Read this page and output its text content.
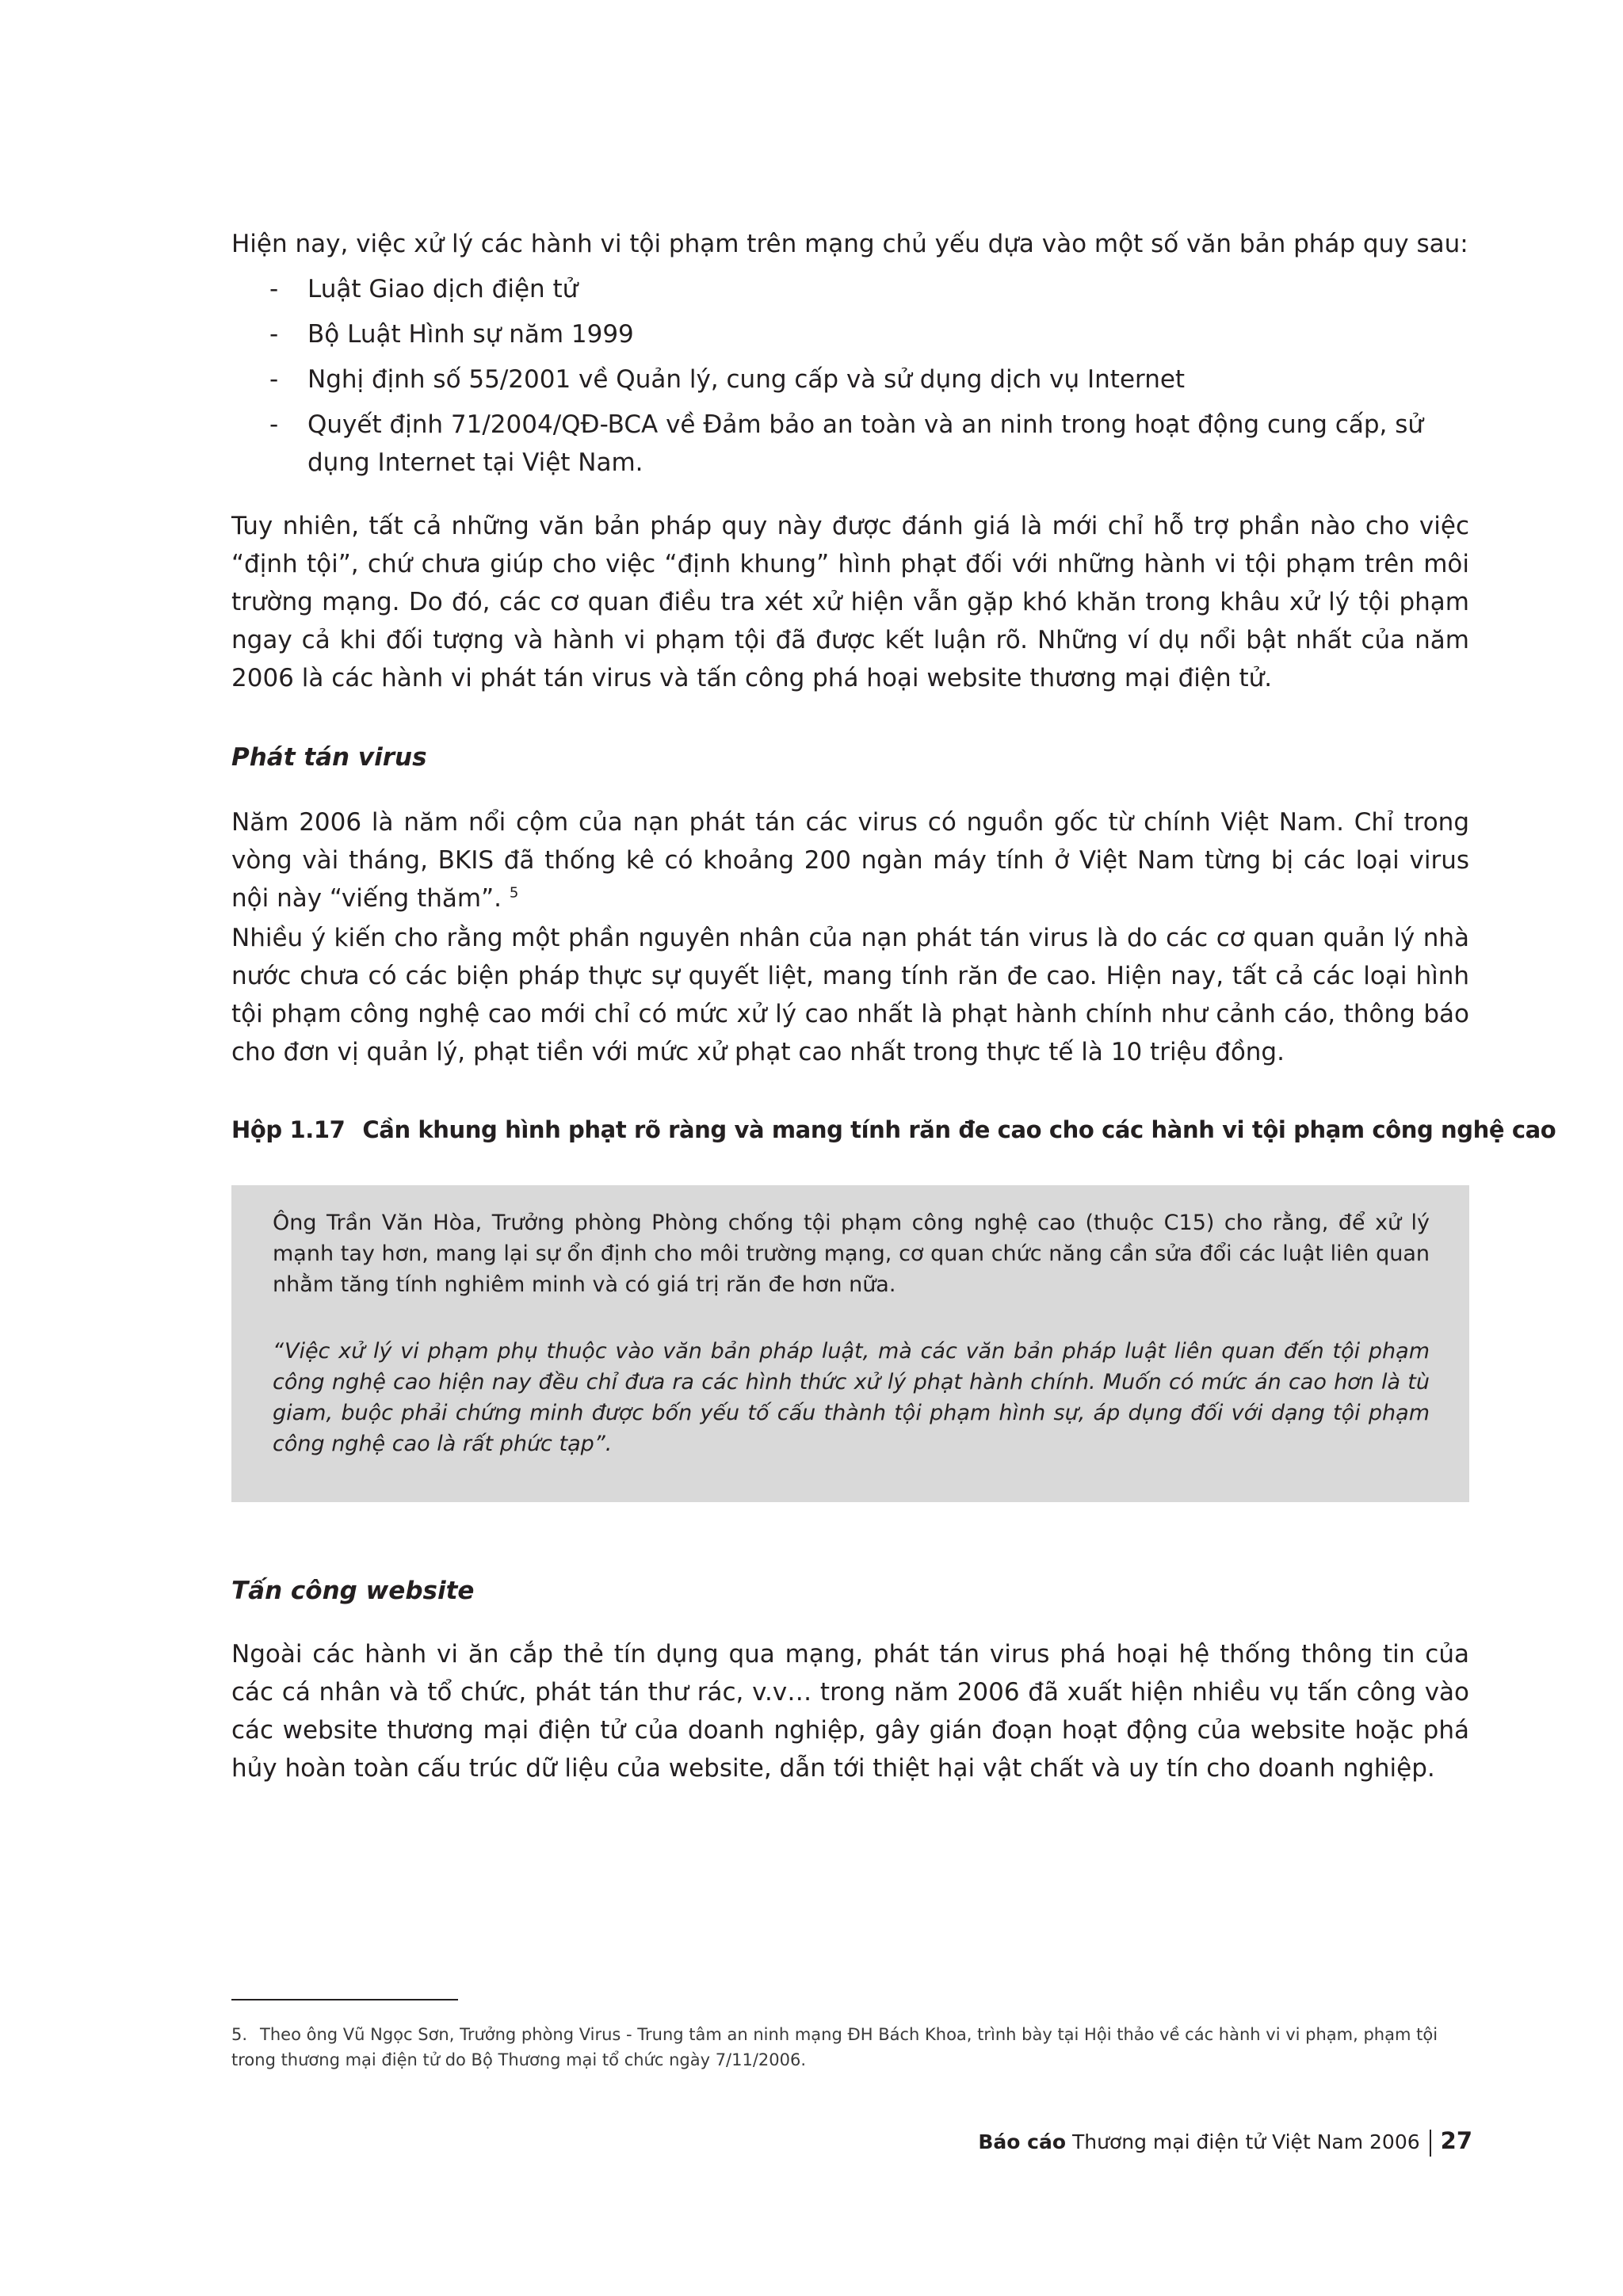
Hiện nay, việc xử lý các hành vi tội phạm trên mạng chủ yếu dựa vào một số văn bản pháp quy sau:

- Luật Giao dịch điện tử
- Bộ Luật Hình sự năm 1999
- Nghị định số 55/2001 về Quản lý, cung cấp và sử dụng dịch vụ Internet
- Quyết định 71/2004/QĐ-BCA về Đảm bảo an toàn và an ninh trong hoạt động cung cấp, sử dụng Internet tại Việt Nam.

Tuy nhiên, tất cả những văn bản pháp quy này được đánh giá là mới chỉ hỗ trợ phần nào cho việc “định tội”, chứ chưa giúp cho việc “định khung” hình phạt đối với những hành vi tội phạm trên môi trường mạng. Do đó, các cơ quan điều tra xét xử hiện vẫn gặp khó khăn trong khâu xử lý tội phạm ngay cả khi đối tượng và hành vi phạm tội đã được kết luận rõ. Những ví dụ nổi bật nhất của năm 2006 là các hành vi phát tán virus và tấn công phá hoại website thương mại điện tử.

Phát tán virus

Năm 2006 là năm nổi cộm của nạn phát tán các virus có nguồn gốc từ chính Việt Nam. Chỉ trong vòng vài tháng, BKIS đã thống kê có khoảng 200 ngàn máy tính ở Việt Nam từng bị các loại virus nội này “viếng thăm”. $^5$

Nhiều ý kiến cho rằng một phần nguyên nhân của nạn phát tán virus là do các cơ quan quản lý nhà nước chưa có các biện pháp thực sự quyết liệt, mang tính răn đe cao. Hiện nay, tất cả các loại hình tội phạm công nghệ cao mới chỉ có mức xử lý cao nhất là phạt hành chính như cảnh cáo, thông báo cho đơn vị quản lý, phạt tiền với mức xử phạt cao nhất trong thực tế là 10 triệu đồng.

Hộp 1.17 Cần khung hình phạt rõ ràng và mang tính răn đe cao cho các hành vi tội phạm công nghệ cao

Ông Trần Văn Hòa, Trưởng phòng Phòng chống tội phạm công nghệ cao (thuộc C15) cho rằng, để xử lý mạnh tay hơn, mang lại sự ổn định cho môi trường mạng, cơ quan chức năng cần sửa đổi các luật liên quan nhằm tăng tính nghiêm minh và có giá trị răn đe hơn nữa.

“Việc xử lý vi phạm phụ thuộc vào văn bản pháp luật, mà các văn bản pháp luật liên quan đến tội phạm công nghệ cao hiện nay đều chỉ đưa ra các hình thức xử lý phạt hành chính. Muốn có mức án cao hơn là tù giam, buộc phải chứng minh được bốn yếu tố cấu thành tội phạm hình sự, áp dụng đối với dạng tội phạm công nghệ cao là rất phức tạp”.

Tấn công website

Ngoài các hành vi ăn cắp thẻ tín dụng qua mạng, phát tán virus phá hoại hệ thống thông tin của các cá nhân và tổ chức, phát tán thư rác, v.v… trong năm 2006 đã xuất hiện nhiều vụ tấn công vào các website thương mại điện tử của doanh nghiệp, gây gián đoạn hoạt động của website hoặc phá hủy hoàn toàn cấu trúc dữ liệu của website, dẫn tới thiệt hại vật chất và uy tín cho doanh nghiệp.

5. Theo ông Vũ Ngọc Sơn, Trưởng phòng Virus - Trung tâm an ninh mạng ĐH Bách Khoa, trình bày tại Hội thảo về các hành vi vi phạm, phạm tội trong thương mại điện tử do Bộ Thương mại tổ chức ngày 7/11/2006.

Báo cáo Thương mại điện tử Việt Nam 2006 27
